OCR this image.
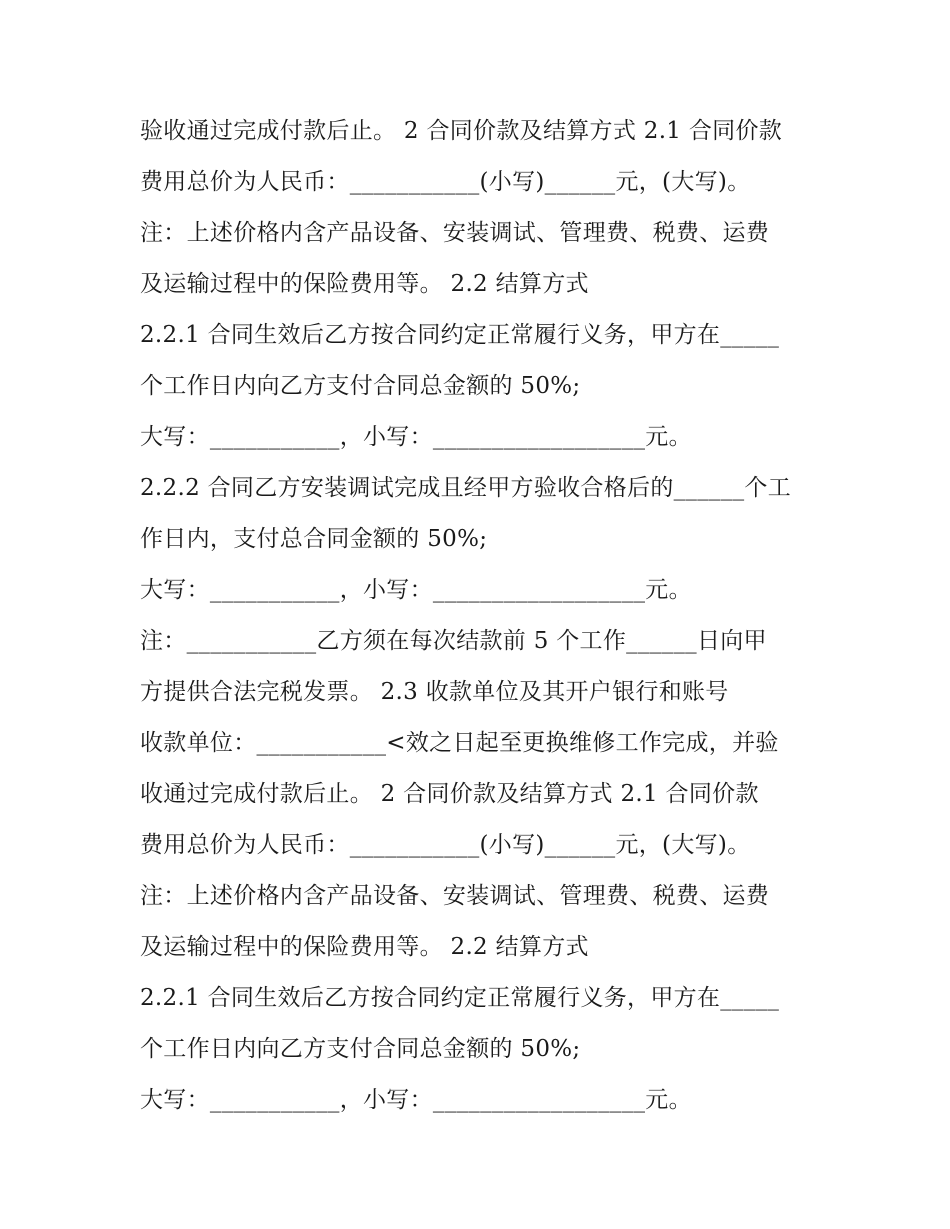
验收通过完成付款后止。 2 合同价款及结算方式 2.1 合同价款
费用总价为人民币：___________(小写)______元，(大写)。
注：上述价格内含产品设备、安装调试、管理费、税费、运费
及运输过程中的保险费用等。 2.2 结算方式
2.2.1 合同生效后乙方按合同约定正常履行义务，甲方在_____
个工作日内向乙方支付合同总金额的 50%;
大写：___________，小写：__________________元。
2.2.2 合同乙方安装调试完成且经甲方验收合格后的______个工
作日内，支付总合同金额的 50%;
大写：___________，小写：__________________元。
注：___________乙方须在每次结款前 5 个工作______日向甲
方提供合法完税发票。 2.3 收款单位及其开户银行和账号
收款单位：___________<效之日起至更换维修工作完成，并验
收通过完成付款后止。 2 合同价款及结算方式 2.1 合同价款
费用总价为人民币：___________(小写)______元，(大写)。
注：上述价格内含产品设备、安装调试、管理费、税费、运费
及运输过程中的保险费用等。 2.2 结算方式
2.2.1 合同生效后乙方按合同约定正常履行义务，甲方在_____
个工作日内向乙方支付合同总金额的 50%;
大写：___________，小写：__________________元。
